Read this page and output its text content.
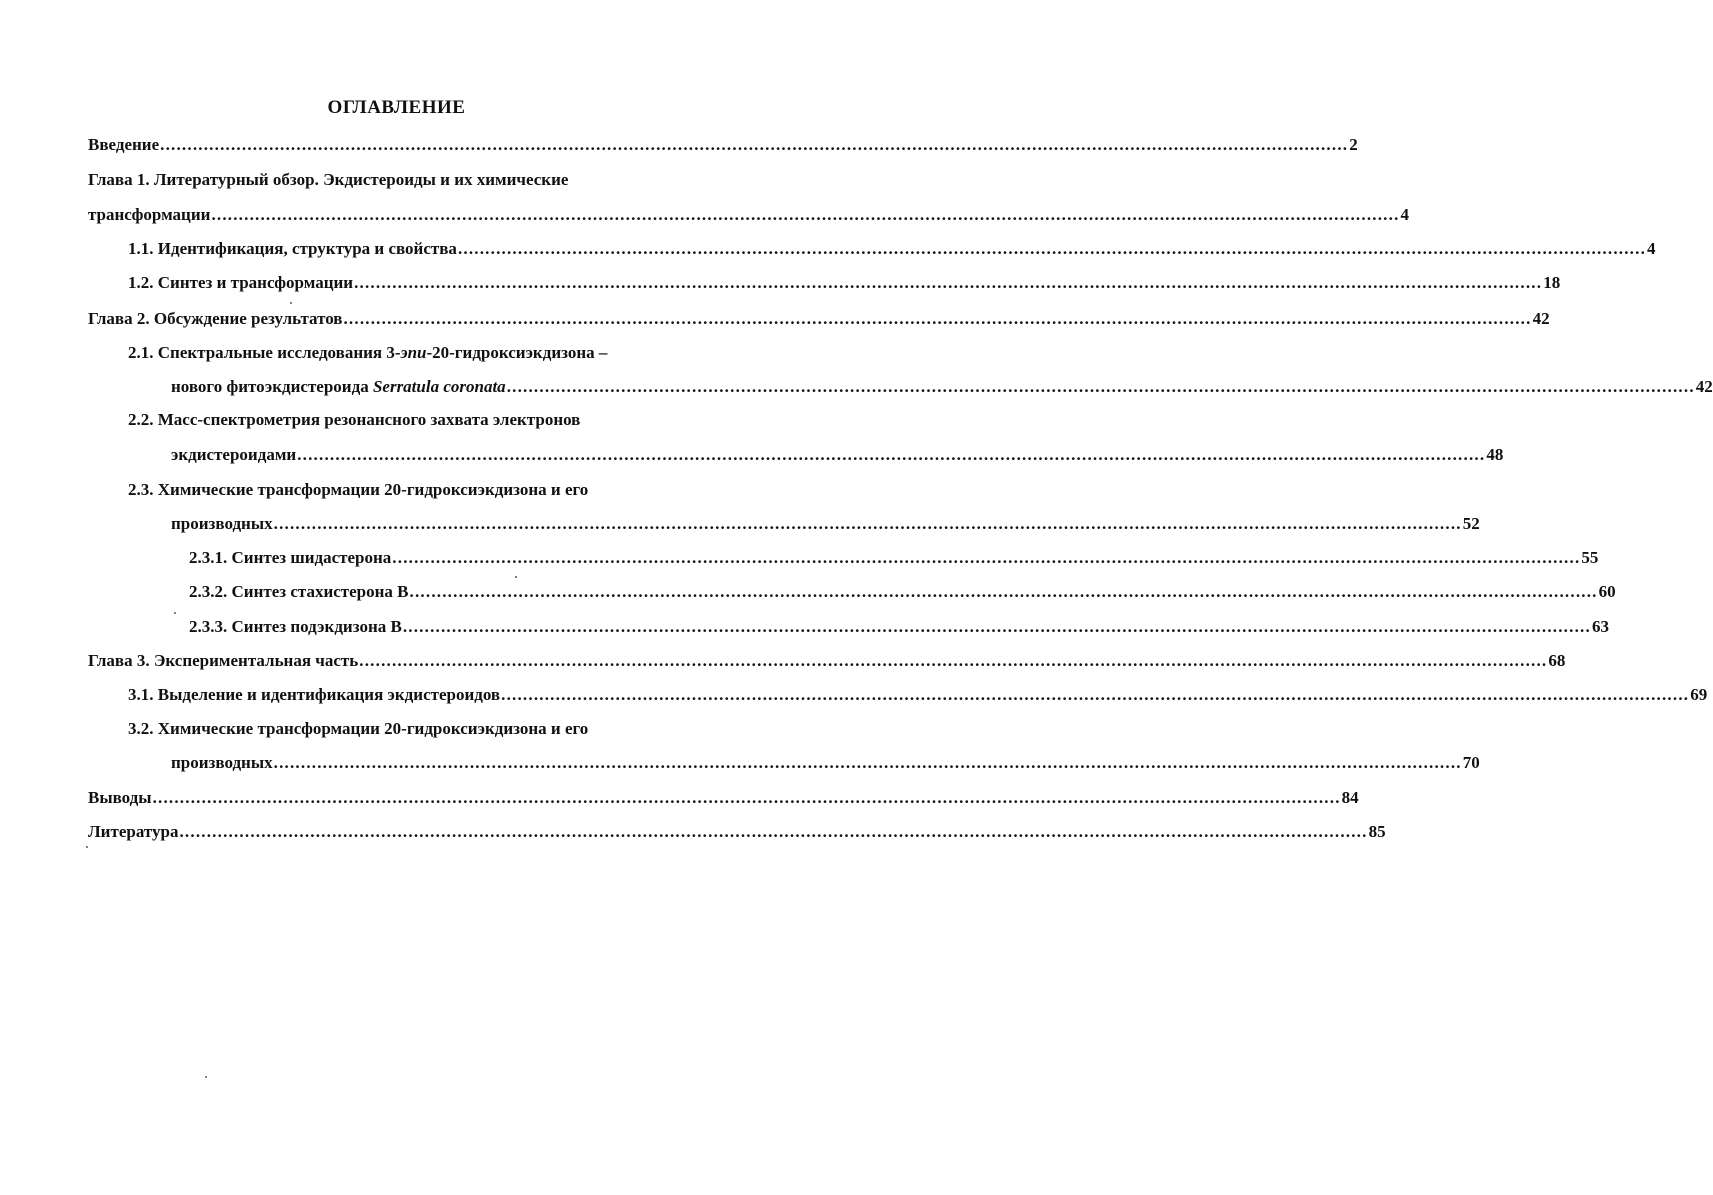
ОГЛАВЛЕНИЕ
Введение .......................................................................................................................................................................................................................... 2
Глава 1. Литературный обзор. Экдистероиды и их химические
трансформации .......................................................................................................................................................................................................................... 4
1.1. Идентификация, структура и свойства .......................................................................................................................................................................................................................... 4
1.2. Синтез и трансформации .......................................................................................................................................................................................................................... 18
Глава 2. Обсуждение результатов .......................................................................................................................................................................................................................... 42
2.1. Спектральные исследования 3-эпи-20-гидроксиэкдизона –
нового фитоэкдистероида Serratula coronata .......................................................................................................................................................................................................................... 42
2.2. Масс-спектрометрия резонансного захвата электронов
экдистероидами .......................................................................................................................................................................................................................... 48
2.3. Химические трансформации 20-гидроксиэкдизона и его
производных .......................................................................................................................................................................................................................... 52
2.3.1. Синтез шидастерона .......................................................................................................................................................................................................................... 55
2.3.2. Синтез стахистерона В .......................................................................................................................................................................................................................... 60
2.3.3. Синтез подэкдизона В .......................................................................................................................................................................................................................... 63
Глава 3. Экспериментальная часть .......................................................................................................................................................................................................................... 68
3.1. Выделение и идентификация экдистероидов .......................................................................................................................................................................................................................... 69
3.2. Химические трансформации 20-гидроксиэкдизона и его
производных .......................................................................................................................................................................................................................... 70
Выводы .......................................................................................................................................................................................................................... 84
Литература .......................................................................................................................................................................................................................... 85
